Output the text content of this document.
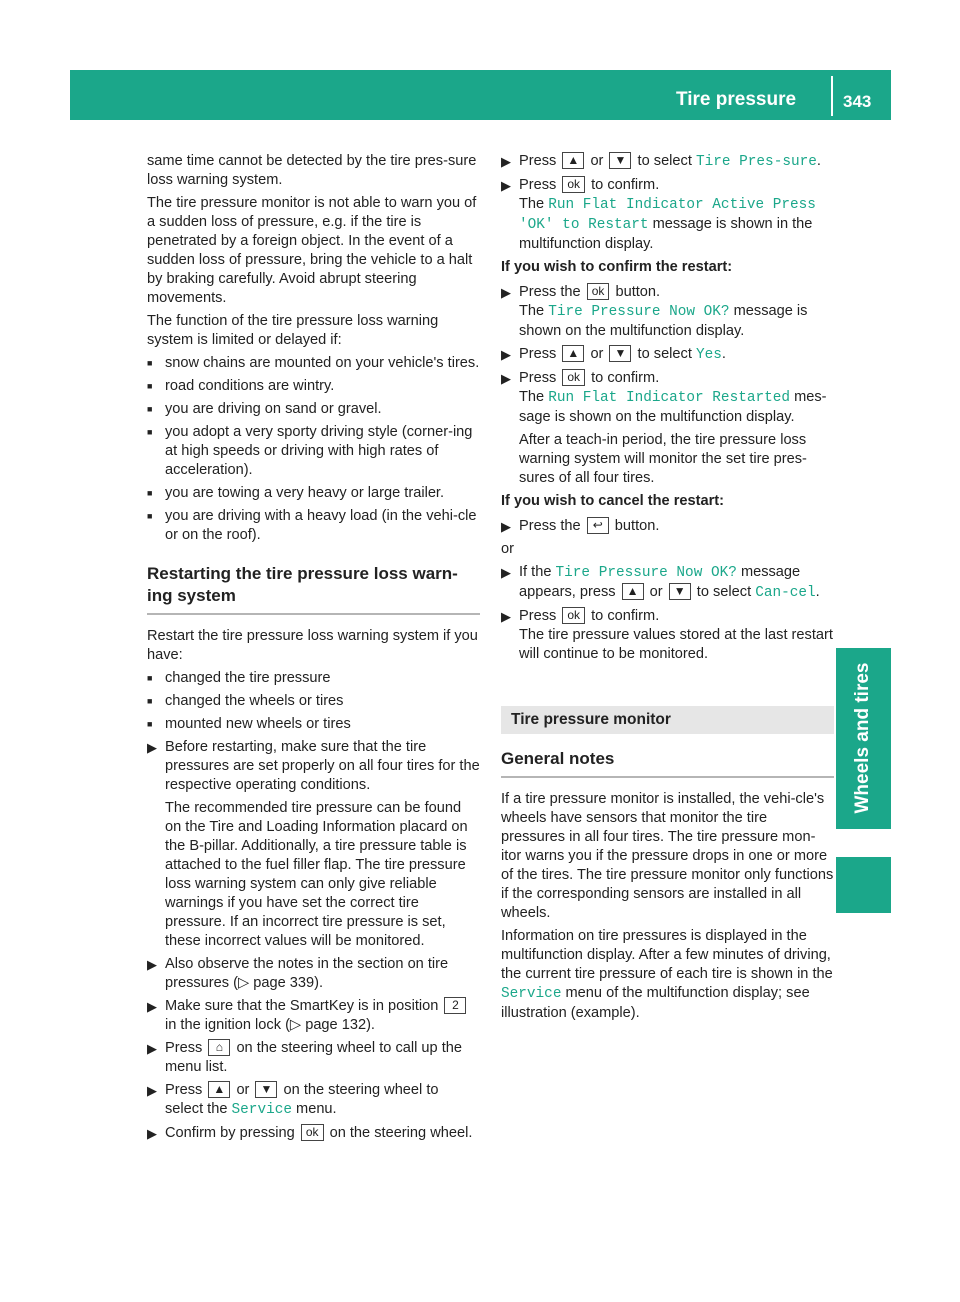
Tire pressure	343
Wheels and tires

same time cannot be detected by the tire pres-sure loss warning system.

The tire pressure monitor is not able to warn you of a sudden loss of pressure, e.g. if the tire is penetrated by a foreign object. In the event of a sudden loss of pressure, bring the vehicle to a halt by braking carefully. Avoid abrupt steering movements.

The function of the tire pressure loss warning system is limited or delayed if:

■ snow chains are mounted on your vehicle's tires.
■ road conditions are wintry.
■ you are driving on sand or gravel.
■ you adopt a very sporty driving style (corner-ing at high speeds or driving with high rates of acceleration).
■ you are towing a very heavy or large trailer.
■ you are driving with a heavy load (in the vehi-cle or on the roof).
Restarting the tire pressure loss warn-ing system

Restart the tire pressure loss warning system if you have:

■ changed the tire pressure
■ changed the wheels or tires
■ mounted new wheels or tires
▶ Before restarting, make sure that the tire pressures are set properly on all four tires for the respective operating conditions.
The recommended tire pressure can be found on the Tire and Loading Information placard on the B-pillar. Additionally, a tire pressure table is attached to the fuel filler flap. The tire pressure loss warning system can only give reliable warnings if you have set the correct tire pressure. If an incorrect tire pressure is set, these incorrect values will be monitored.
▶ Also observe the notes in the section on tire pressures (▷ page 339).
▶ Make sure that the SmartKey is in position 2 in the ignition lock (▷ page 132).
▶ Press ⌂ on the steering wheel to call up the menu list.
▶ Press ▲ or ▼ on the steering wheel to select the Service menu.
▶ Confirm by pressing ok on the steering wheel.
▶ Press ▲ or ▼ to select Tire Pres-sure.
▶ Press ok to confirm.
The Run Flat Indicator Active Press 'OK' to Restart message is shown in the multifunction display.
If you wish to confirm the restart:
▶ Press the ok button.
The Tire Pressure Now OK? message is shown on the multifunction display.
▶ Press ▲ or ▼ to select Yes.
▶ Press ok to confirm.
The Run Flat Indicator Restarted mes-sage is shown on the multifunction display.
After a teach-in period, the tire pressure loss warning system will monitor the set tire pres-sures of all four tires.
If you wish to cancel the restart:
▶ Press the ↩ button.

or

▶ If the Tire Pressure Now OK? message appears, press ▲ or ▼ to select Can-cel.
▶ Press ok to confirm.
The tire pressure values stored at the last restart will continue to be monitored.
Tire pressure monitor
General notes

If a tire pressure monitor is installed, the vehi-cle's wheels have sensors that monitor the tire pressures in all four tires. The tire pressure mon-itor warns you if the pressure drops in one or more of the tires. The tire pressure monitor only functions if the corresponding sensors are installed in all wheels.

Information on tire pressures is displayed in the multifunction display. After a few minutes of driving, the current tire pressure of each tire is shown in the Service menu of the multifunction display; see illustration (example).
